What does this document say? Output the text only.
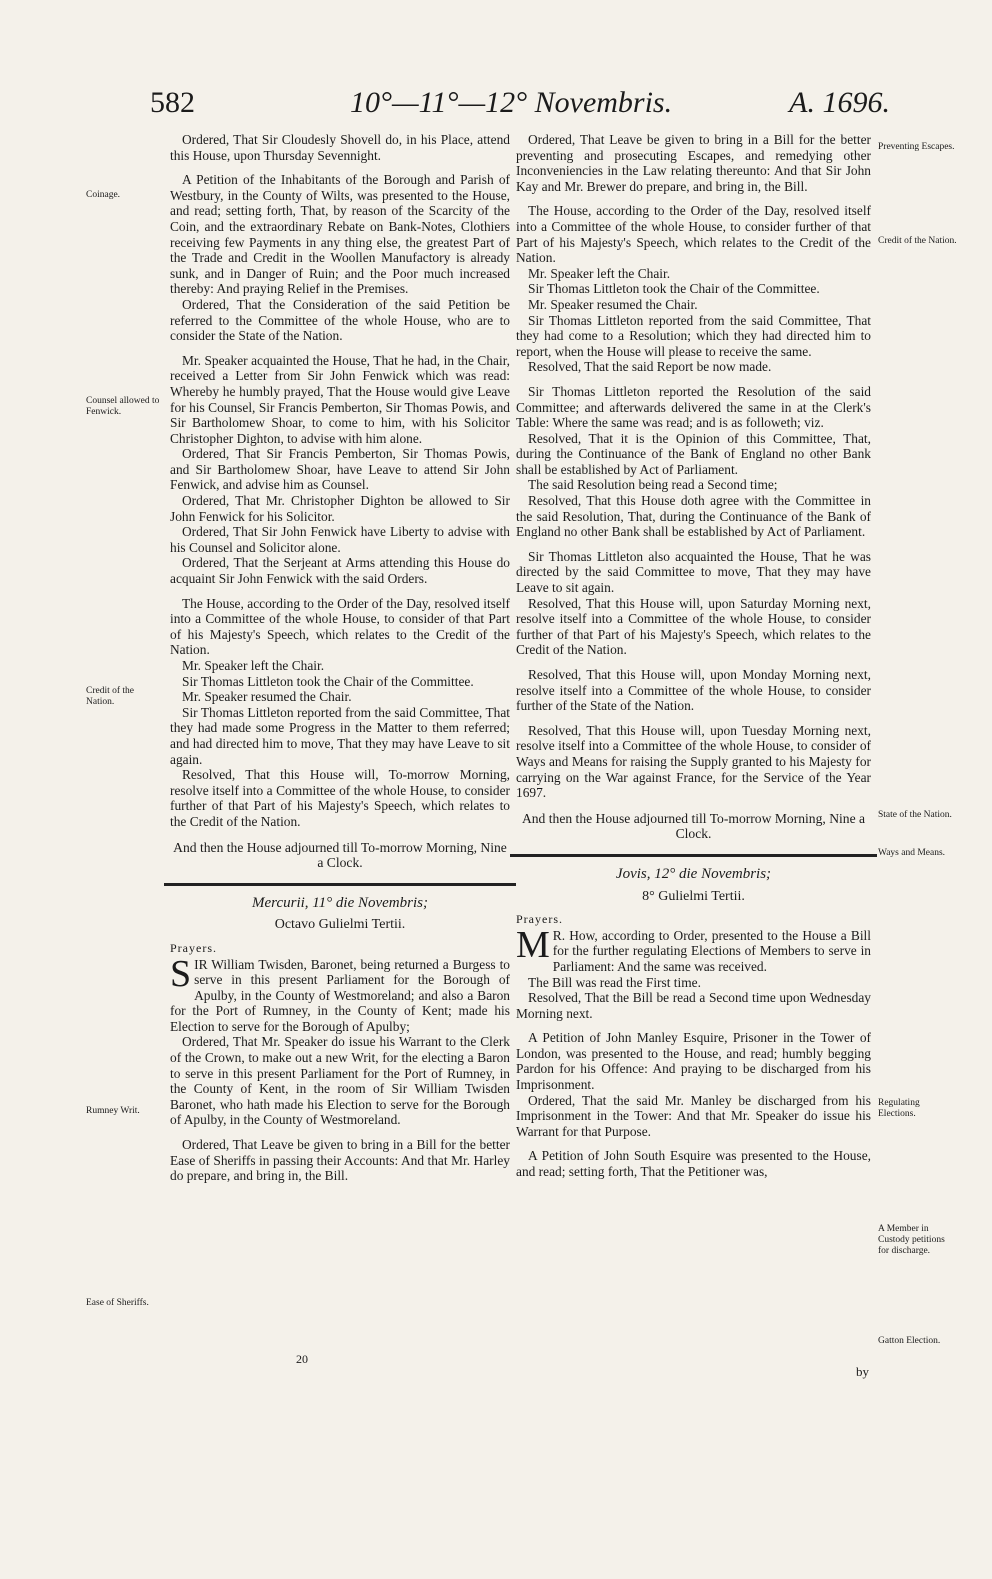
582	10°—11°—12° Novembris.	A. 1696.

Ordered, That Sir Cloudesly Shovell do, in his Place, attend this House, upon Thursday Sevennight.

A Petition of the Inhabitants of the Borough and Parish of Westbury, in the County of Wilts, was presented to the House, and read; setting forth, That, by reason of the Scarcity of the Coin, and the extraordinary Rebate on Bank-Notes, Clothiers receiving few Payments in any thing else, the greatest Part of the Trade and Credit in the Woollen Manufactory is already sunk, and in Danger of Ruin; and the Poor much increased thereby: And praying Relief in the Premises.

Ordered, That the Consideration of the said Petition be referred to the Committee of the whole House, who are to consider the State of the Nation.

Mr. Speaker acquainted the House, That he had, in the Chair, received a Letter from Sir John Fenwick which was read: Whereby he humbly prayed, That the House would give Leave for his Counsel, Sir Francis Pemberton, Sir Thomas Powis, and Sir Bartholomew Shoar, to come to him, with his Solicitor Christopher Dighton, to advise with him alone.

Ordered, That Sir Francis Pemberton, Sir Thomas Powis, and Sir Bartholomew Shoar, have Leave to attend Sir John Fenwick, and advise him as Counsel.

Ordered, That Mr. Christopher Dighton be allowed to Sir John Fenwick for his Solicitor.

Ordered, That Sir John Fenwick have Liberty to advise with his Counsel and Solicitor alone.

Ordered, That the Serjeant at Arms attending this House do acquaint Sir John Fenwick with the said Orders.

The House, according to the Order of the Day, resolved itself into a Committee of the whole House, to consider of that Part of his Majesty's Speech, which relates to the Credit of the Nation.

Mr. Speaker left the Chair.

Sir Thomas Littleton took the Chair of the Committee.

Mr. Speaker resumed the Chair.

Sir Thomas Littleton reported from the said Committee, That they had made some Progress in the Matter to them referred; and had directed him to move, That they may have Leave to sit again.

Resolved, That this House will, To-morrow Morning, resolve itself into a Committee of the whole House, to consider further of that Part of his Majesty's Speech, which relates to the Credit of the Nation.

And then the House adjourned till To-morrow Morning, Nine a Clock.

Mercurii, 11° die Novembris;
Octavo Gulielmi Tertii.

Prayers.

SIR William Twisden, Baronet, being returned a Burgess to serve in this present Parliament for the Borough of Apulby, in the County of Westmoreland; and also a Baron for the Port of Rumney, in the County of Kent; made his Election to serve for the Borough of Apulby;

Ordered, That Mr. Speaker do issue his Warrant to the Clerk of the Crown, to make out a new Writ, for the electing a Baron to serve in this present Parliament for the Port of Rumney, in the County of Kent, in the room of Sir William Twisden Baronet, who hath made his Election to serve for the Borough of Apulby, in the County of Westmoreland.

Ordered, That Leave be given to bring in a Bill for the better Ease of Sheriffs in passing their Accounts: And that Mr. Harley do prepare, and bring in, the Bill.

Ordered, That Leave be given to bring in a Bill for the better preventing and prosecuting Escapes, and remedying other Inconveniencies in the Law relating thereunto: And that Sir John Kay and Mr. Brewer do prepare, and bring in, the Bill.

The House, according to the Order of the Day, resolved itself into a Committee of the whole House, to consider further of that Part of his Majesty's Speech, which relates to the Credit of the Nation.

Mr. Speaker left the Chair.

Sir Thomas Littleton took the Chair of the Committee.

Mr. Speaker resumed the Chair.

Sir Thomas Littleton reported from the said Committee, That they had come to a Resolution; which they had directed him to report, when the House will please to receive the same.

Resolved, That the said Report be now made.

Sir Thomas Littleton reported the Resolution of the said Committee; and afterwards delivered the same in at the Clerk's Table: Where the same was read; and is as followeth; viz.

Resolved, That it is the Opinion of this Committee, That, during the Continuance of the Bank of England no other Bank shall be established by Act of Parliament.

The said Resolution being read a Second time;

Resolved, That this House doth agree with the Committee in the said Resolution, That, during the Continuance of the Bank of England no other Bank shall be established by Act of Parliament.

Sir Thomas Littleton also acquainted the House, That he was directed by the said Committee to move, That they may have Leave to sit again.

Resolved, That this House will, upon Saturday Morning next, resolve itself into a Committee of the whole House, to consider further of that Part of his Majesty's Speech, which relates to the Credit of the Nation.

Resolved, That this House will, upon Monday Morning next, resolve itself into a Committee of the whole House, to consider further of the State of the Nation.

Resolved, That this House will, upon Tuesday Morning next, resolve itself into a Committee of the whole House, to consider of Ways and Means for raising the Supply granted to his Majesty for carrying on the War against France, for the Service of the Year 1697.

And then the House adjourned till To-morrow Morning, Nine a Clock.

Jovis, 12° die Novembris;
8° Gulielmi Tertii.

Prayers.

M R. How, according to Order, presented to the House a Bill for the further regulating Elections of Members to serve in Parliament: And the same was received.

The Bill was read the First time.

Resolved, That the Bill be read a Second time upon Wednesday Morning next.

A Petition of John Manley Esquire, Prisoner in the Tower of London, was presented to the House, and read; humbly begging Pardon for his Offence: And praying to be discharged from his Imprisonment.

Ordered, That the said Mr. Manley be discharged from his Imprisonment in the Tower: And that Mr. Speaker do issue his Warrant for that Purpose.

A Petition of John South Esquire was presented to the House, and read; setting forth, That the Petitioner was,

Coinage.
Counsel allowed to Fenwick.
Credit of the Nation.
Rumney Writ.
Ease of Sheriffs.
Preventing Escapes.
Credit of the Nation.
State of the Nation.
Ways and Means.
Regulating Elections.
A Member in Custody petitions for discharge.
Gatton Election.
20
by
